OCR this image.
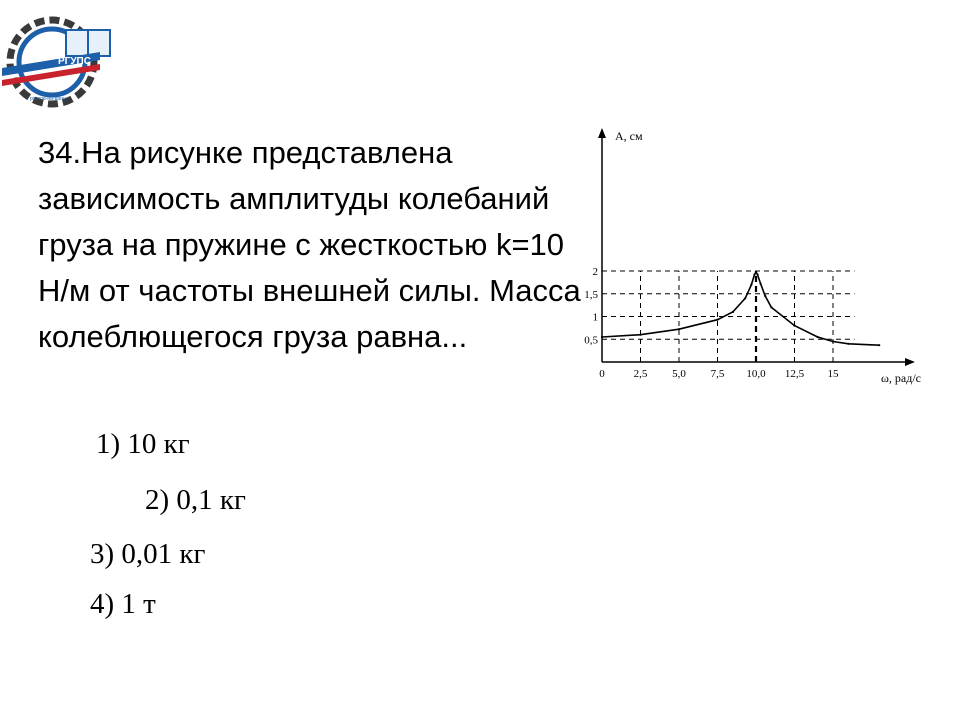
РГУПС
ростов-на-дону

34.На рисунке представлена зависимость амплитуды колебаний груза на пружине с жесткостью k=10 Н/м от частоты внешней силы. Масса колеблющегося груза равна...

1) 10 кг

2) 0,1 кг

3) 0,01 кг

4) 1 т

0,5
1
1,5
2
0	2,5 5,0 7,5 10,0 12,5 15
А, см
ω, рад/с
